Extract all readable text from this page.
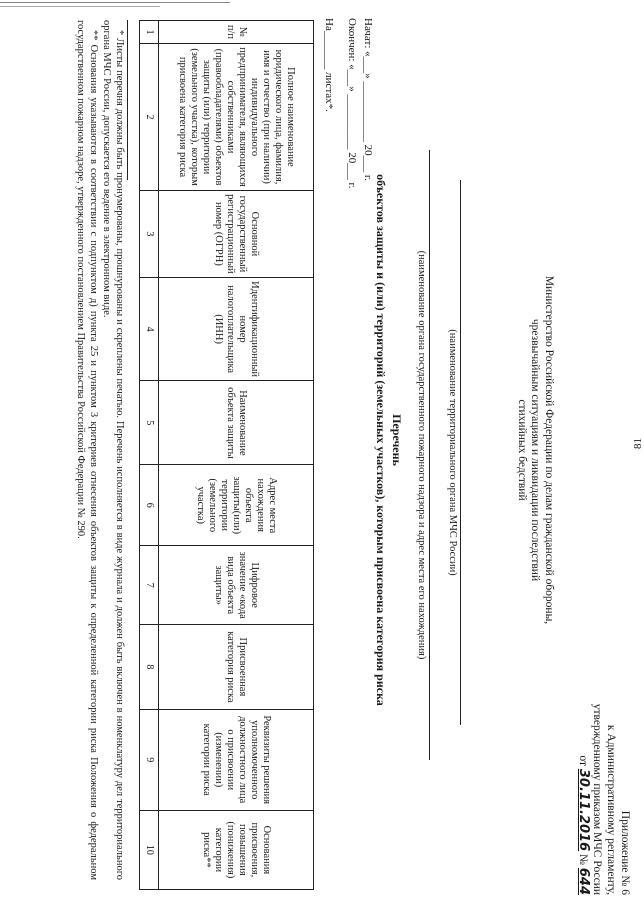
81
Приложение № 6
к Административному регламенту,
утвержденному приказом МЧС России
от 30.11.2016 № 644
Министерство Российской Федерации по делам гражданской обороны,
чрезвычайным ситуациям и ликвидации последствий
стихийных бедствий
(наименование территориального органа МЧС России)
(наименование органа государственного пожарного надзора и адрес места его нахождения)
Перечень
объектов защиты и (или) территорий (земельных участков), которым присвоена категория риска
Начат: «___» ___________ 20___ г.
Окончен: «___» __________ 20___ г.
На_______ листах*.
№ п/п	Полное наименование юридического лица, фамилия, имя и отчество (при наличии) индивидуального предпринимателя, являющихся собственниками (правообладателями) объектов защиты (или) территории (земельного участка), которым присвоена категория риска	Основной государственный регистрационный номер (ОГРН)	Идентификационный номер налогоплательщика (ИНН)	Наименование объекта защиты	Адрес места нахождения объекта защиты(или) территории (земельного участка)	Цифровое значение «кода вида объекта защиты»	Присвоенная категория риска	Реквизиты решения уполномоченного должностного лица о присвоении (изменении) категории риска	Основания присвоения, повышения (понижения) категории риска**
1	2	3	4	5	6	7	8	9	10

* Листы перечня должны быть пронумерованы, прошнурованы и скреплены печатью. Перечень исполняется в виде журнала и должен быть включен в номенклатуру дел территориального органа МЧС России, допускается его ведение в электронном виде.

** Основания указываются в соответствии с подпунктом д) пункта 25 и пунктом 3 критериев отнесения объектов защиты к определенной категории риска Положения о федеральном государственном пожарном надзоре, утвержденного постановлением Правительства Российской Федерации № 290.
